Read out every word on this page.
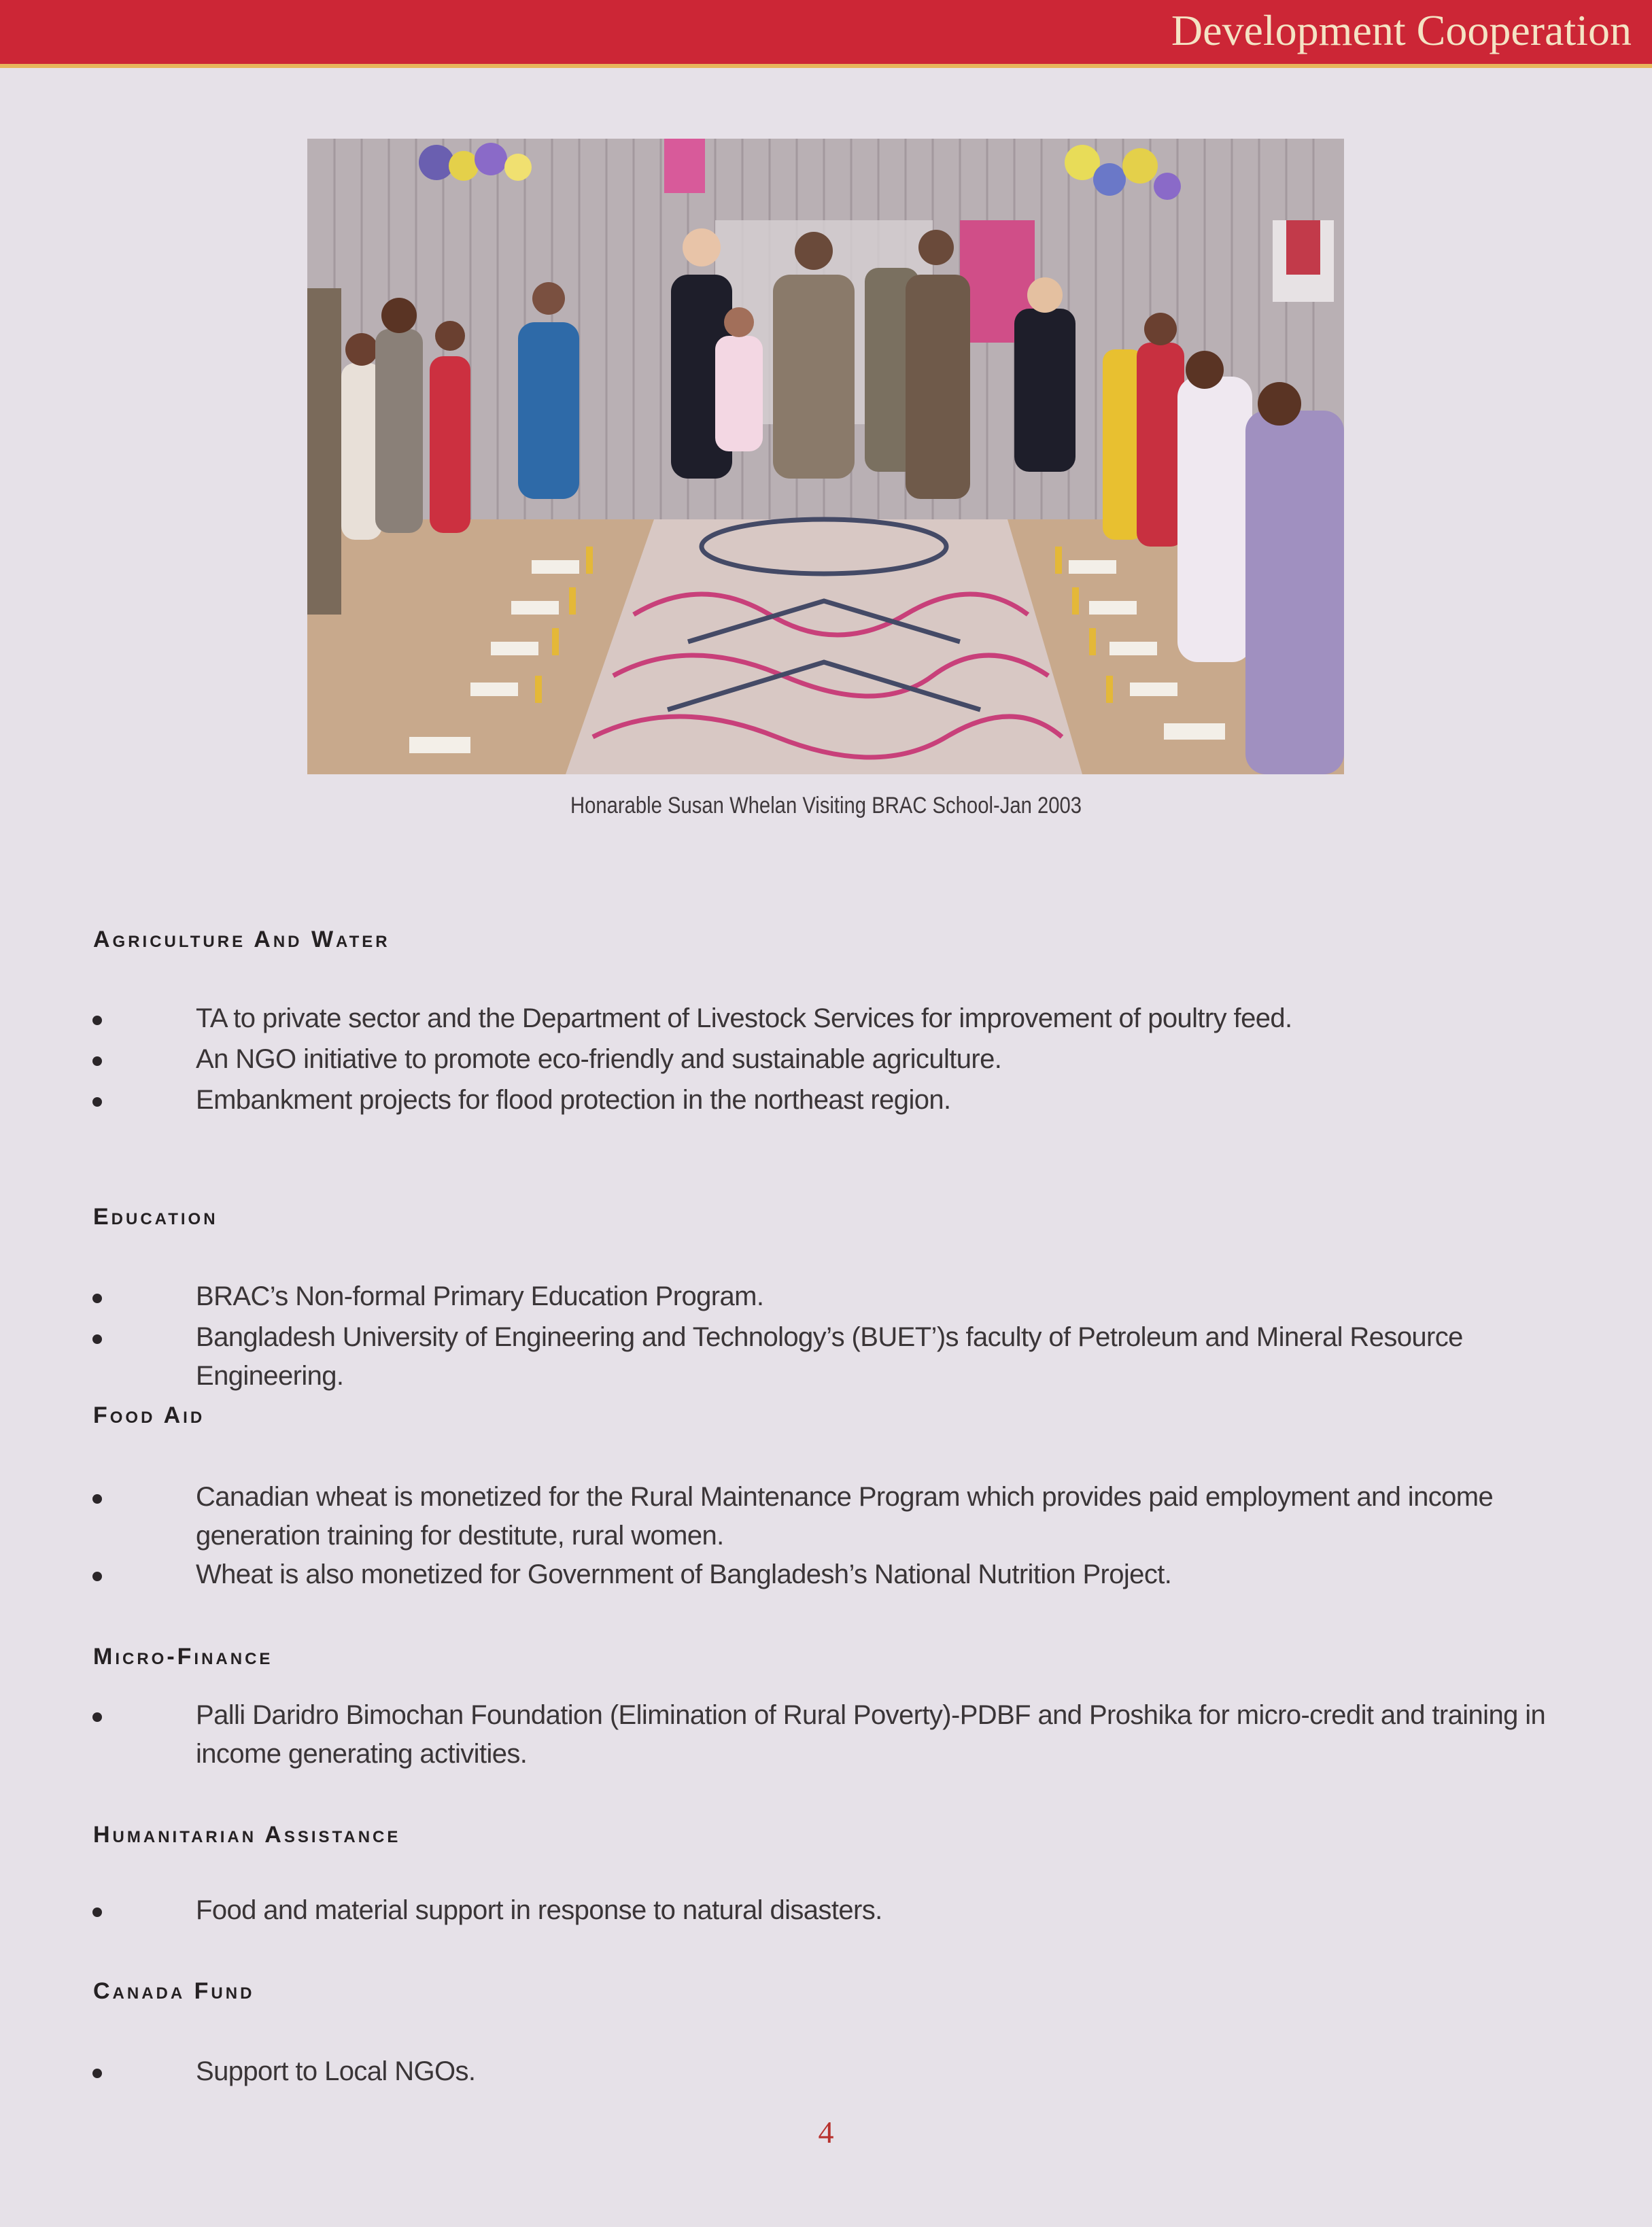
Development Cooperation
Honarable Susan Whelan Visiting BRAC School-Jan 2003
Agriculture And Water
TA to private sector and the Department of Livestock Services for improvement of poultry feed.
An NGO initiative to promote eco-friendly and sustainable agriculture.
Embankment projects for flood protection in the northeast region.
Education
BRAC’s Non-formal Primary Education Program.
Bangladesh University of Engineering and Technology’s (BUET’)s faculty of Petroleum and Mineral Resource Engineering.
Food Aid
Canadian wheat is monetized for the Rural Maintenance Program which provides paid employment and income generation training for destitute, rural women.
Wheat is also monetized for Government of Bangladesh’s National Nutrition Project.
Micro-Finance
Palli Daridro Bimochan Foundation (Elimination of Rural Poverty)-PDBF and Proshika for micro-credit and training in income generating activities.
Humanitarian Assistance
Food and material support in response to natural disasters.
Canada Fund
Support to Local NGOs.
4
